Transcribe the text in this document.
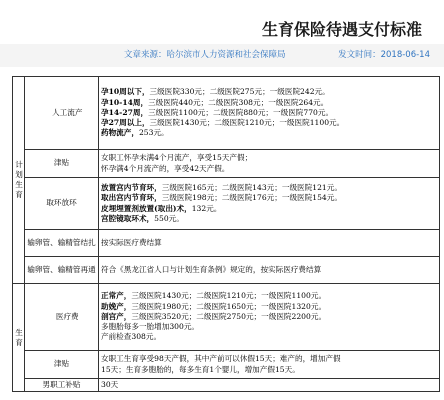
生育保险待遇支付标准
文章来源：哈尔滨市人力资源和社会保障局	发文时间：2018-06-14
计划生育		人工流产	孕10周以下，三级医院330元；二级医院275元；一级医院242元。
孕10-14周，三级医院440元；二级医院308元；一级医院264元。
孕14-27周，三级医院1100元；二级医院880元；一级医院770元。
孕27周以上，三级医院1430元；二级医院1210元；一级医院1100元。
药物流产，253元。

	津贴		女职工怀孕未满4个月流产，享受15天产假；
怀孕满4个月流产的，享受42天产假。

	取环放环		放置宫内节育环，三级医院165元；二级医院143元；一级医院121元。
取出宫内节育环，三级医院198元；二级医院176元；一级医院154元。
皮埋埋置剂放置(取出)术，132元。
宫腔镜取环术，550元。

	输卵管、输精管结扎		按实际医疗费结算
	输卵管、输精管再通		符合《黑龙江省人口与计划生育条例》规定的，按实际医疗费结算

生育		医疗费	正常产，三级医院1430元；二级医院1210元；一级医院1100元。
助娩产，三级医院1980元；二级医院1650元；一级医院1320元。
剖宫产，三级医院3520元；二级医院2750元；一级医院2200元。
多胞胎每多一胎增加300元。
产前检查308元。

	津贴		女职工生育享受98天产假，其中产前可以休假15天；难产的，增加产假
15天；生育多胞胎的，每多生育1个婴儿，增加产假15天。

	男职工补贴		30天
